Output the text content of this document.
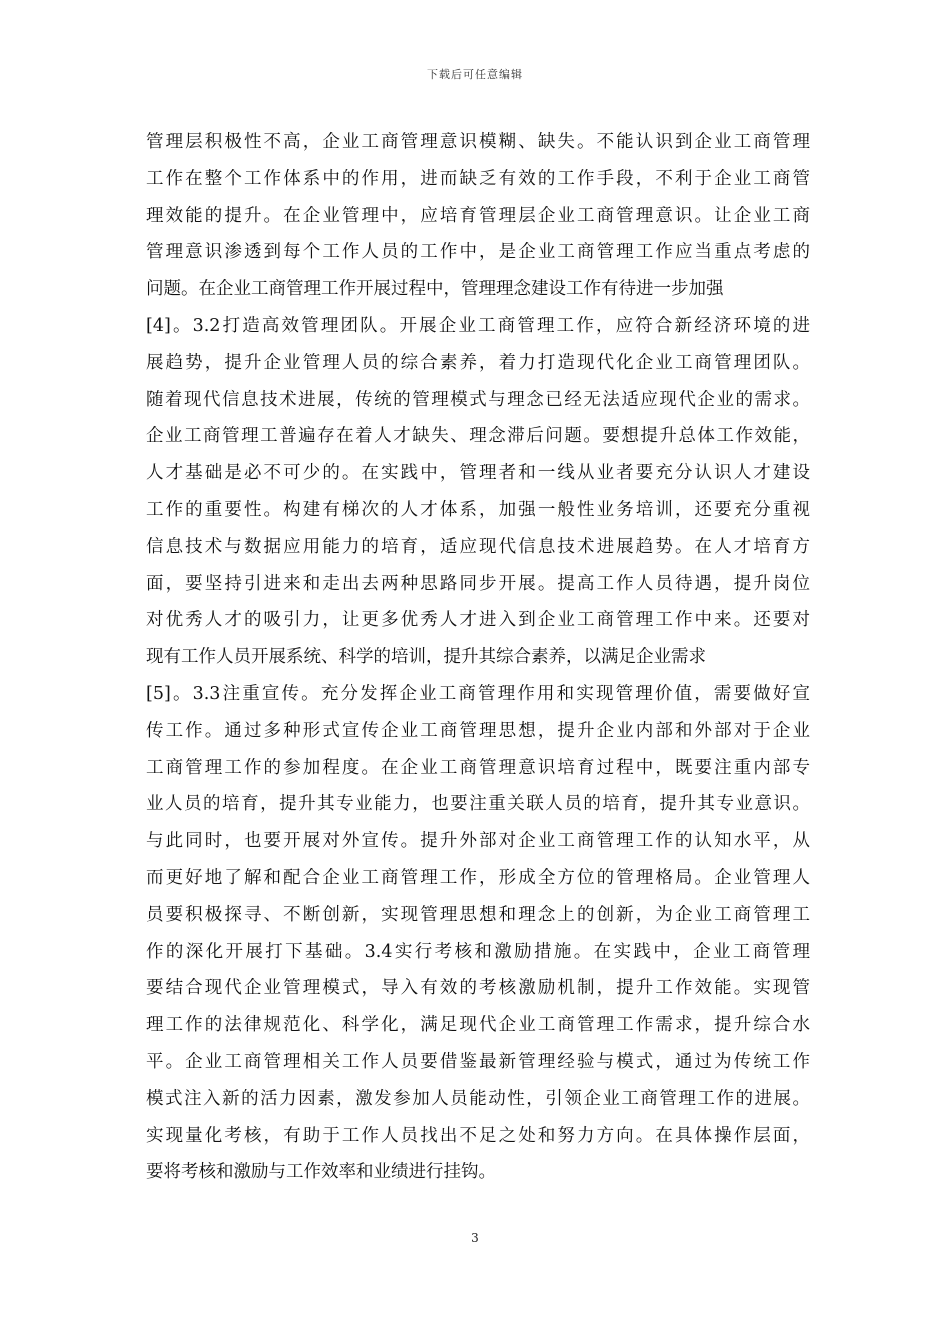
下载后可任意编辑
管理层积极性不高，企业工商管理意识模糊、缺失。不能认识到企业工商管理
工作在整个工作体系中的作用，进而缺乏有效的工作手段，不利于企业工商管
理效能的提升。在企业管理中，应培育管理层企业工商管理意识。让企业工商
管理意识渗透到每个工作人员的工作中，是企业工商管理工作应当重点考虑的
问题。在企业工商管理工作开展过程中，管理理念建设工作有待进一步加强
[4]。3.2打造高效管理团队。开展企业工商管理工作，应符合新经济环境的进
展趋势，提升企业管理人员的综合素养，着力打造现代化企业工商管理团队。
随着现代信息技术进展，传统的管理模式与理念已经无法适应现代企业的需求。
企业工商管理工普遍存在着人才缺失、理念滞后问题。要想提升总体工作效能，
人才基础是必不可少的。在实践中，管理者和一线从业者要充分认识人才建设
工作的重要性。构建有梯次的人才体系，加强一般性业务培训，还要充分重视
信息技术与数据应用能力的培育，适应现代信息技术进展趋势。在人才培育方
面，要坚持引进来和走出去两种思路同步开展。提高工作人员待遇，提升岗位
对优秀人才的吸引力，让更多优秀人才进入到企业工商管理工作中来。还要对
现有工作人员开展系统、科学的培训，提升其综合素养，以满足企业需求
[5]。3.3注重宣传。充分发挥企业工商管理作用和实现管理价值，需要做好宣
传工作。通过多种形式宣传企业工商管理思想，提升企业内部和外部对于企业
工商管理工作的参加程度。在企业工商管理意识培育过程中，既要注重内部专
业人员的培育，提升其专业能力，也要注重关联人员的培育，提升其专业意识。
与此同时，也要开展对外宣传。提升外部对企业工商管理工作的认知水平，从
而更好地了解和配合企业工商管理工作，形成全方位的管理格局。企业管理人
员要积极探寻、不断创新，实现管理思想和理念上的创新，为企业工商管理工
作的深化开展打下基础。3.4实行考核和激励措施。在实践中，企业工商管理
要结合现代企业管理模式，导入有效的考核激励机制，提升工作效能。实现管
理工作的法律规范化、科学化，满足现代企业工商管理工作需求，提升综合水
平。企业工商管理相关工作人员要借鉴最新管理经验与模式，通过为传统工作
模式注入新的活力因素，激发参加人员能动性，引领企业工商管理工作的进展。
实现量化考核，有助于工作人员找出不足之处和努力方向。在具体操作层面，
要将考核和激励与工作效率和业绩进行挂钩。
3
